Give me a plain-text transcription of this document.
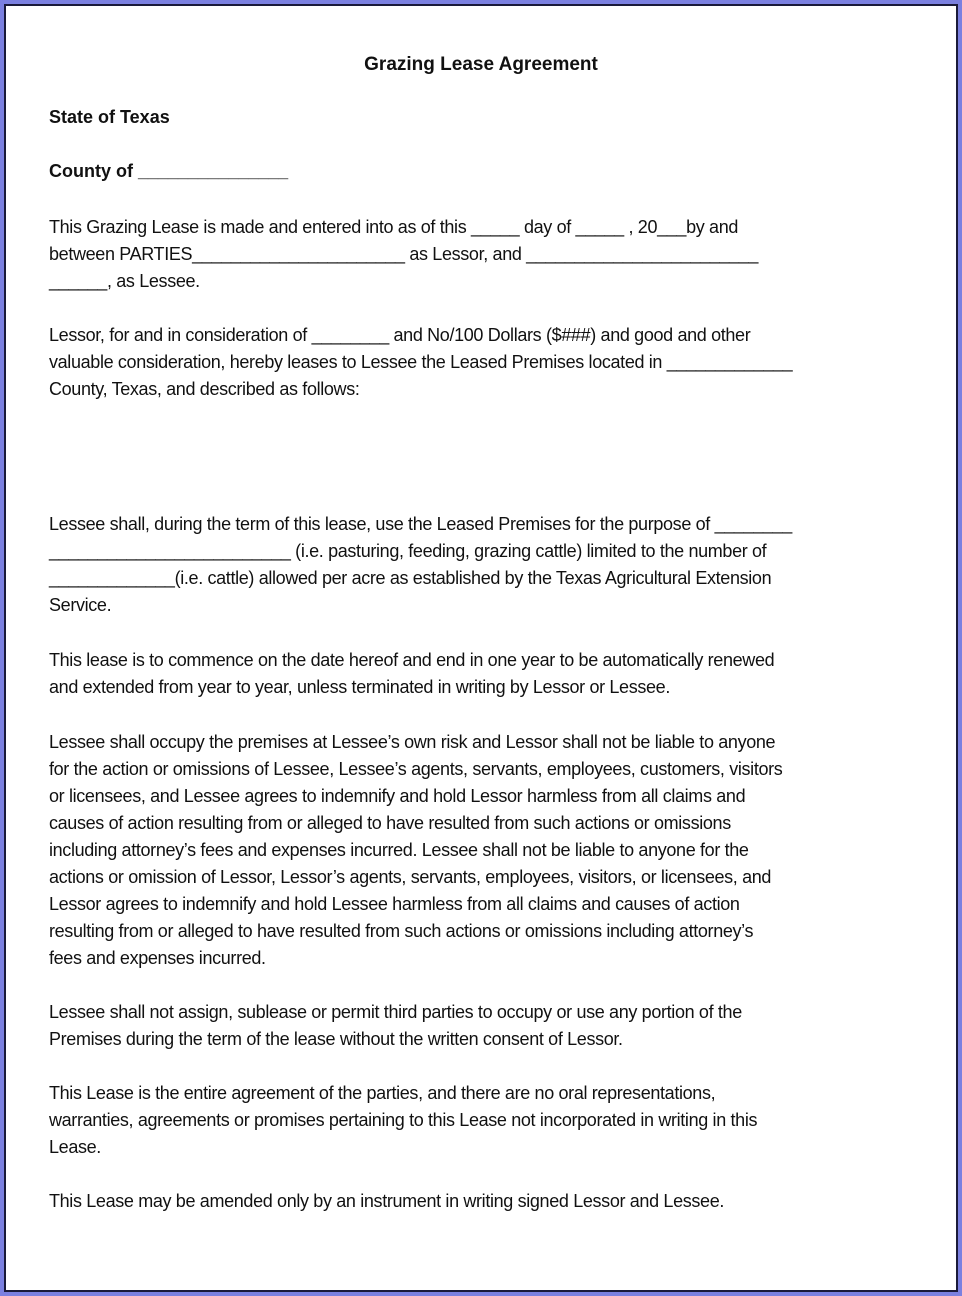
Grazing Lease Agreement
State of Texas
County of _______________
This Grazing Lease is made and entered into as of this _____ day of _____ , 20___by and
between PARTIES______________________ as Lessor, and ________________________
______, as Lessee.
Lessor, for and in consideration of ________ and No/100 Dollars ($###) and good and other
valuable consideration, hereby leases to Lessee the Leased Premises located in _____________
County, Texas, and described as follows:
Lessee shall, during the term of this lease, use the Leased Premises for the purpose of ________
_________________________ (i.e. pasturing, feeding, grazing cattle) limited to the number of
_____________(i.e. cattle) allowed per acre as established by the Texas Agricultural Extension
Service.
This lease is to commence on the date hereof and end in one year to be automatically renewed
and extended from year to year, unless terminated in writing by Lessor or Lessee.
Lessee shall occupy the premises at Lessee’s own risk and Lessor shall not be liable to anyone
for the action or omissions of Lessee, Lessee’s agents, servants, employees, customers, visitors
or licensees, and Lessee agrees to indemnify and hold Lessor harmless from all claims and
causes of action resulting from or alleged to have resulted from such actions or omissions
including attorney’s fees and expenses incurred. Lessee shall not be liable to anyone for the
actions or omission of Lessor, Lessor’s agents, servants, employees, visitors, or licensees, and
Lessor agrees to indemnify and hold Lessee harmless from all claims and causes of action
resulting from or alleged to have resulted from such actions or omissions including attorney’s
fees and expenses incurred.
Lessee shall not assign, sublease or permit third parties to occupy or use any portion of the
Premises during the term of the lease without the written consent of Lessor.
This Lease is the entire agreement of the parties, and there are no oral representations,
warranties, agreements or promises pertaining to this Lease not incorporated in writing in this
Lease.
This Lease may be amended only by an instrument in writing signed Lessor and Lessee.
